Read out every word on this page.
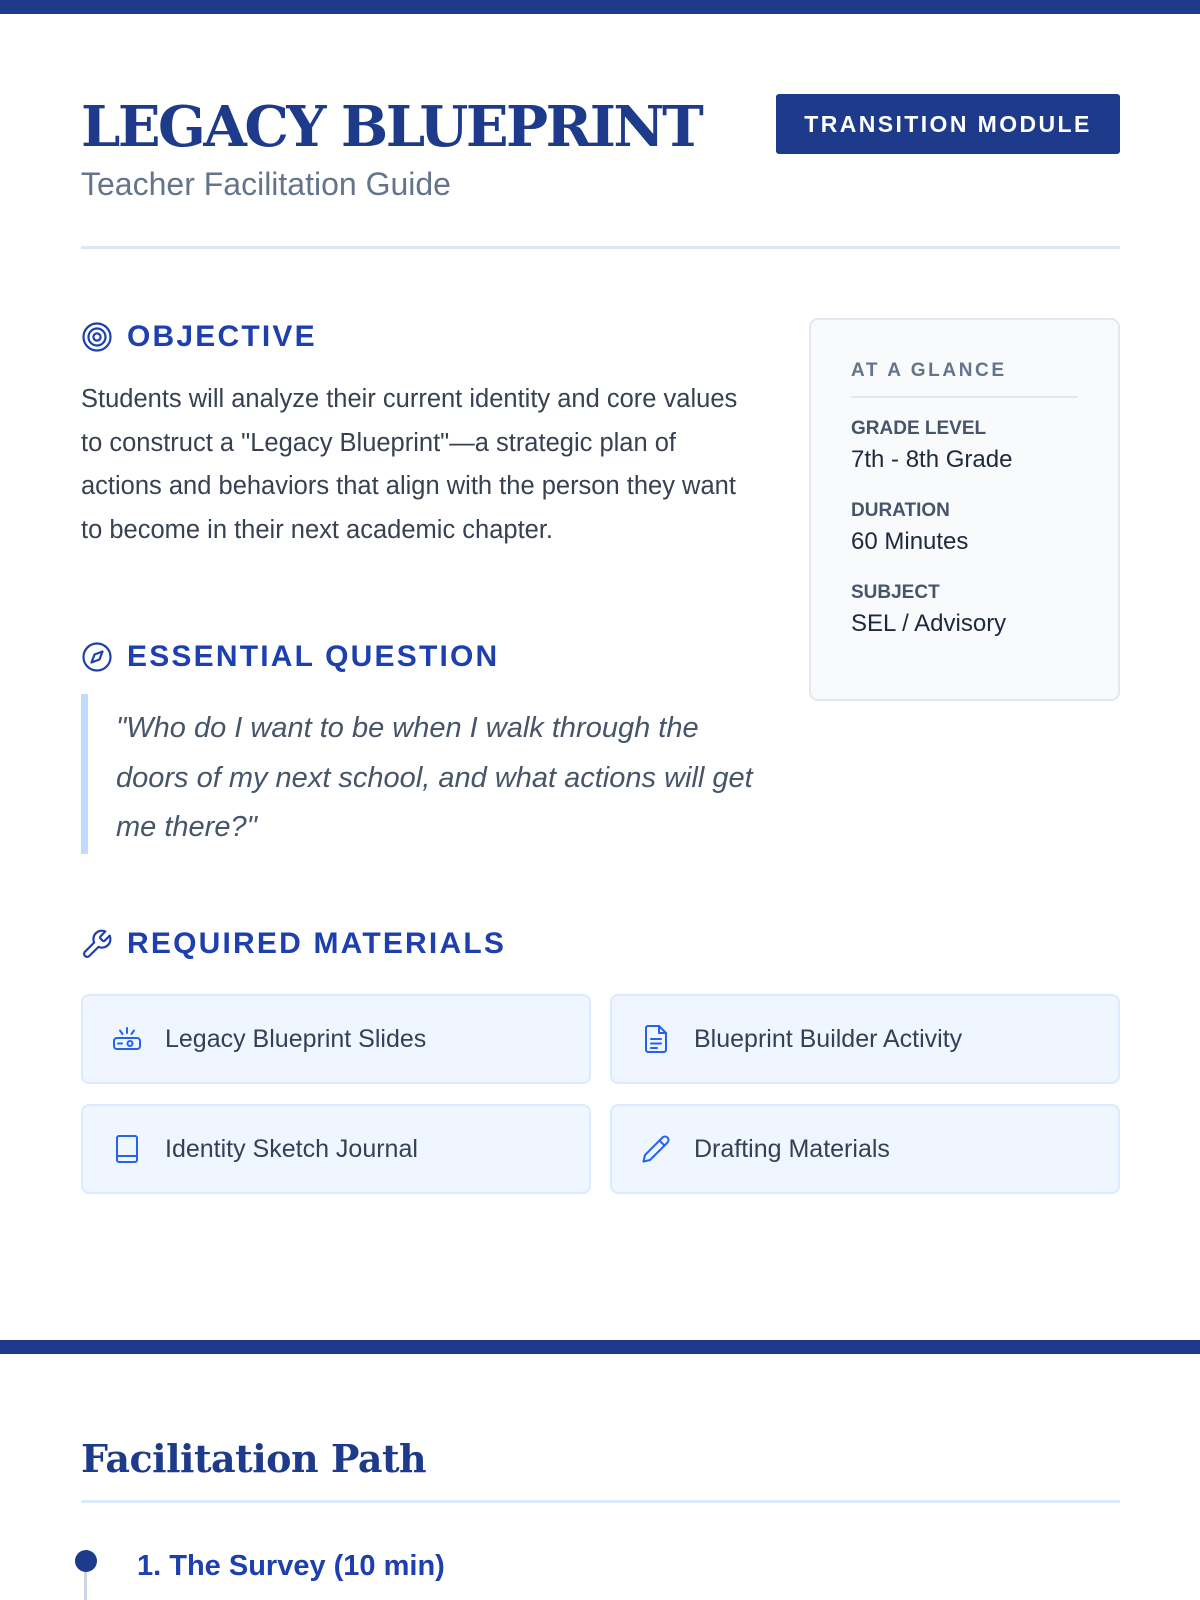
LEGACY BLUEPRINT
Teacher Facilitation Guide
TRANSITION MODULE
OBJECTIVE

Students will analyze their current identity and core values to construct a "Legacy Blueprint"—a strategic plan of actions and behaviors that align with the person they want to become in their next academic chapter.

ESSENTIAL QUESTION
"Who do I want to be when I walk through the doors of my next school, and what actions will get me there?"
AT A GLANCE
GRADE LEVEL
7th - 8th Grade
DURATION
60 Minutes
SUBJECT
SEL / Advisory
REQUIRED MATERIALS
Legacy Blueprint Slides	Blueprint Builder Activity
Identity Sketch Journal	Drafting Materials
Facilitation Path
1. The Survey (10 min)
